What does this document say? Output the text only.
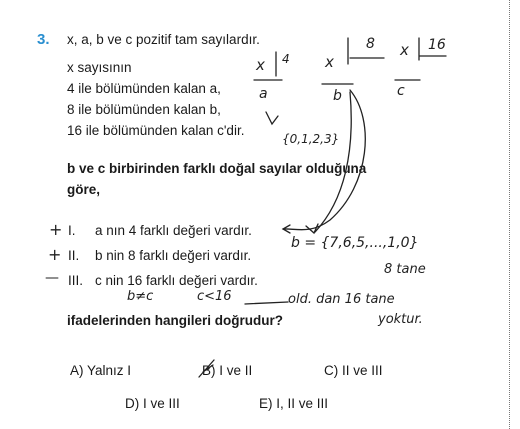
3. x, a, b ve c pozitif tam sayılardır.
x sayısının
4 ile bölümünden kalan a,
8 ile bölümünden kalan b,
16 ile bölümünden kalan c'dir.
b ve c birbirinden farklı doğal sayılar olduğuna
göre,
I. a nın 4 farklı değeri vardır.
II. b nin 8 farklı değeri vardır.
III. c nin 16 farklı değeri vardır.
ifadelerinden hangileri doğrudur?
A) Yalnız I	B) I ve II	C) II ve III
D) I ve III	E) I, II ve III
x 4
a
x
8
b
x 16
c
{0,1,2,3}
b = {7,6,5,...,1,0}
8 tane
b≠c	c<16	old. dan 16 tane
yoktur.
+
+
—
